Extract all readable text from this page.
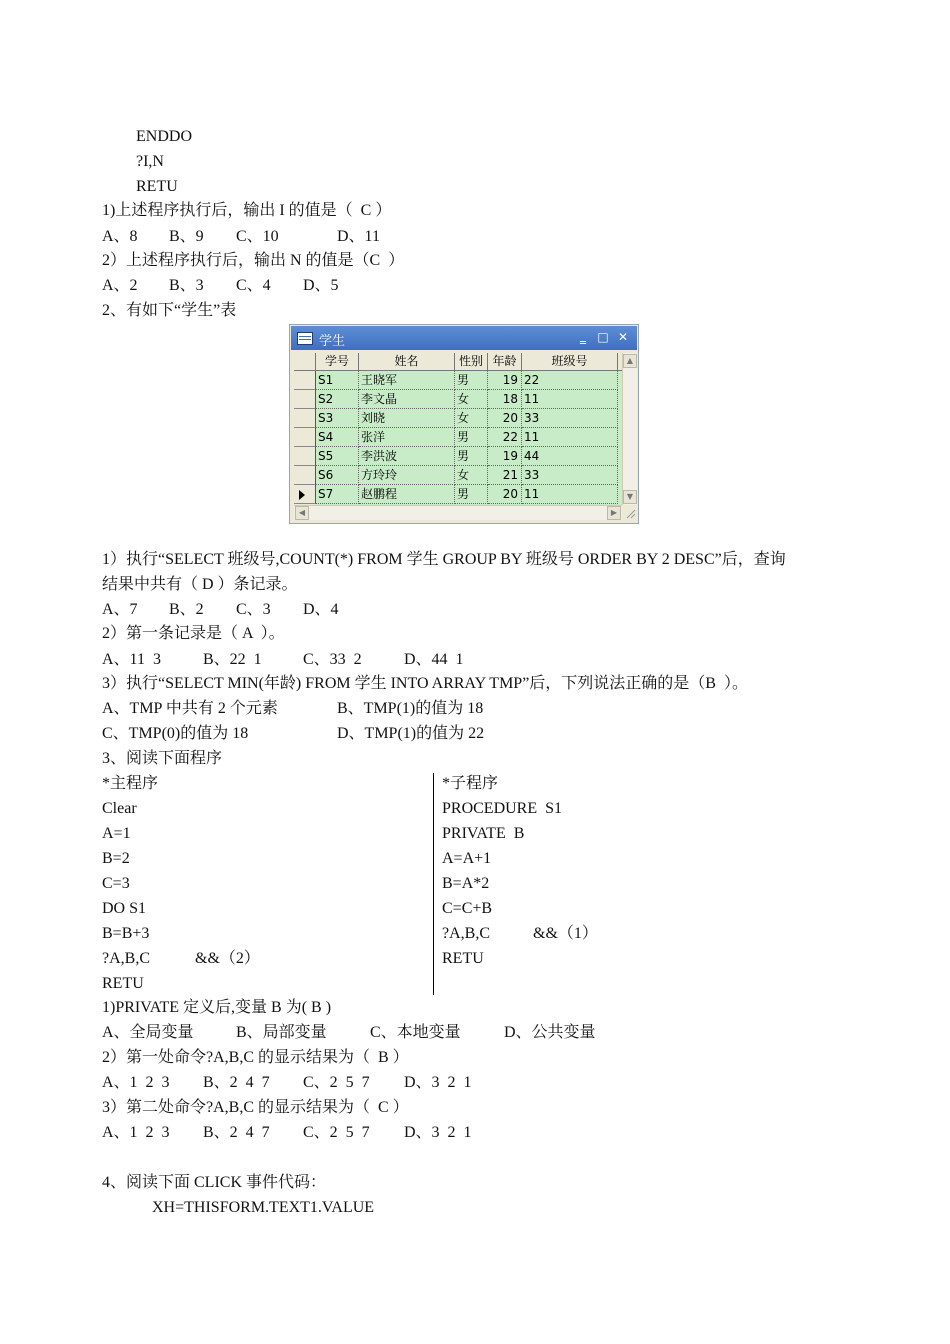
ENDDO
?I,N
RETU
1)上述程序执行后，输出 I 的值是（  C ）
A、8 B、9 C、10	D、11
2）上述程序执行后，输出 N 的值是（C  ）
A、2 B、3 C、4 D、5
2、有如下“学生”表
学生	‗ □ ✕
学号	姓名	性别 年龄	班级号
S1	王晓军	男	19 22
S2	李文晶	女	18 11
S3	刘晓	女	20 33
S4	张洋	男	22 11
S5	李洪波	男	19 44
S6	方玲玲	女	21 33
S7	赵鹏程	男	20 11
▲
▼
◀	▶
1）执行“SELECT 班级号,COUNT(*) FROM 学生 GROUP BY 班级号 ORDER BY 2 DESC”后，查询
结果中共有（ D ）条记录。
A、7 B、2 C、3 D、4
2）第一条记录是（ A  ）。
A、11  3	B、22  1	C、33  2	D、44  1
3）执行“SELECT MIN(年龄) FROM 学生 INTO ARRAY TMP”后，下列说法正确的是（B  ）。
A、TMP 中共有 2 个元素	B、TMP(1)的值为 18
C、TMP(0)的值为 18	D、TMP(1)的值为 22
3、阅读下面程序
*主程序
Clear
A=1
B=2
C=3
DO S1
B=B+3
?A,B,C
RETU
&&（2）
*子程序
PROCEDURE  S1
PRIVATE  B
A=A+1
B=A*2
C=C+B
?A,B,C
RETU
&&（1）
1)PRIVATE 定义后,变量 B 为( B )
A、全局变量	B、局部变量	C、本地变量	D、公共变量
2）第一处命令?A,B,C 的显示结果为（  B ）
A、1  2  3 B、2  4  7 C、2  5  7 D、3  2  1
3）第二处命令?A,B,C 的显示结果为（  C ）
A、1  2  3 B、2  4  7 C、2  5  7 D、3  2  1
4、阅读下面 CLICK 事件代码：
XH=THISFORM.TEXT1.VALUE
